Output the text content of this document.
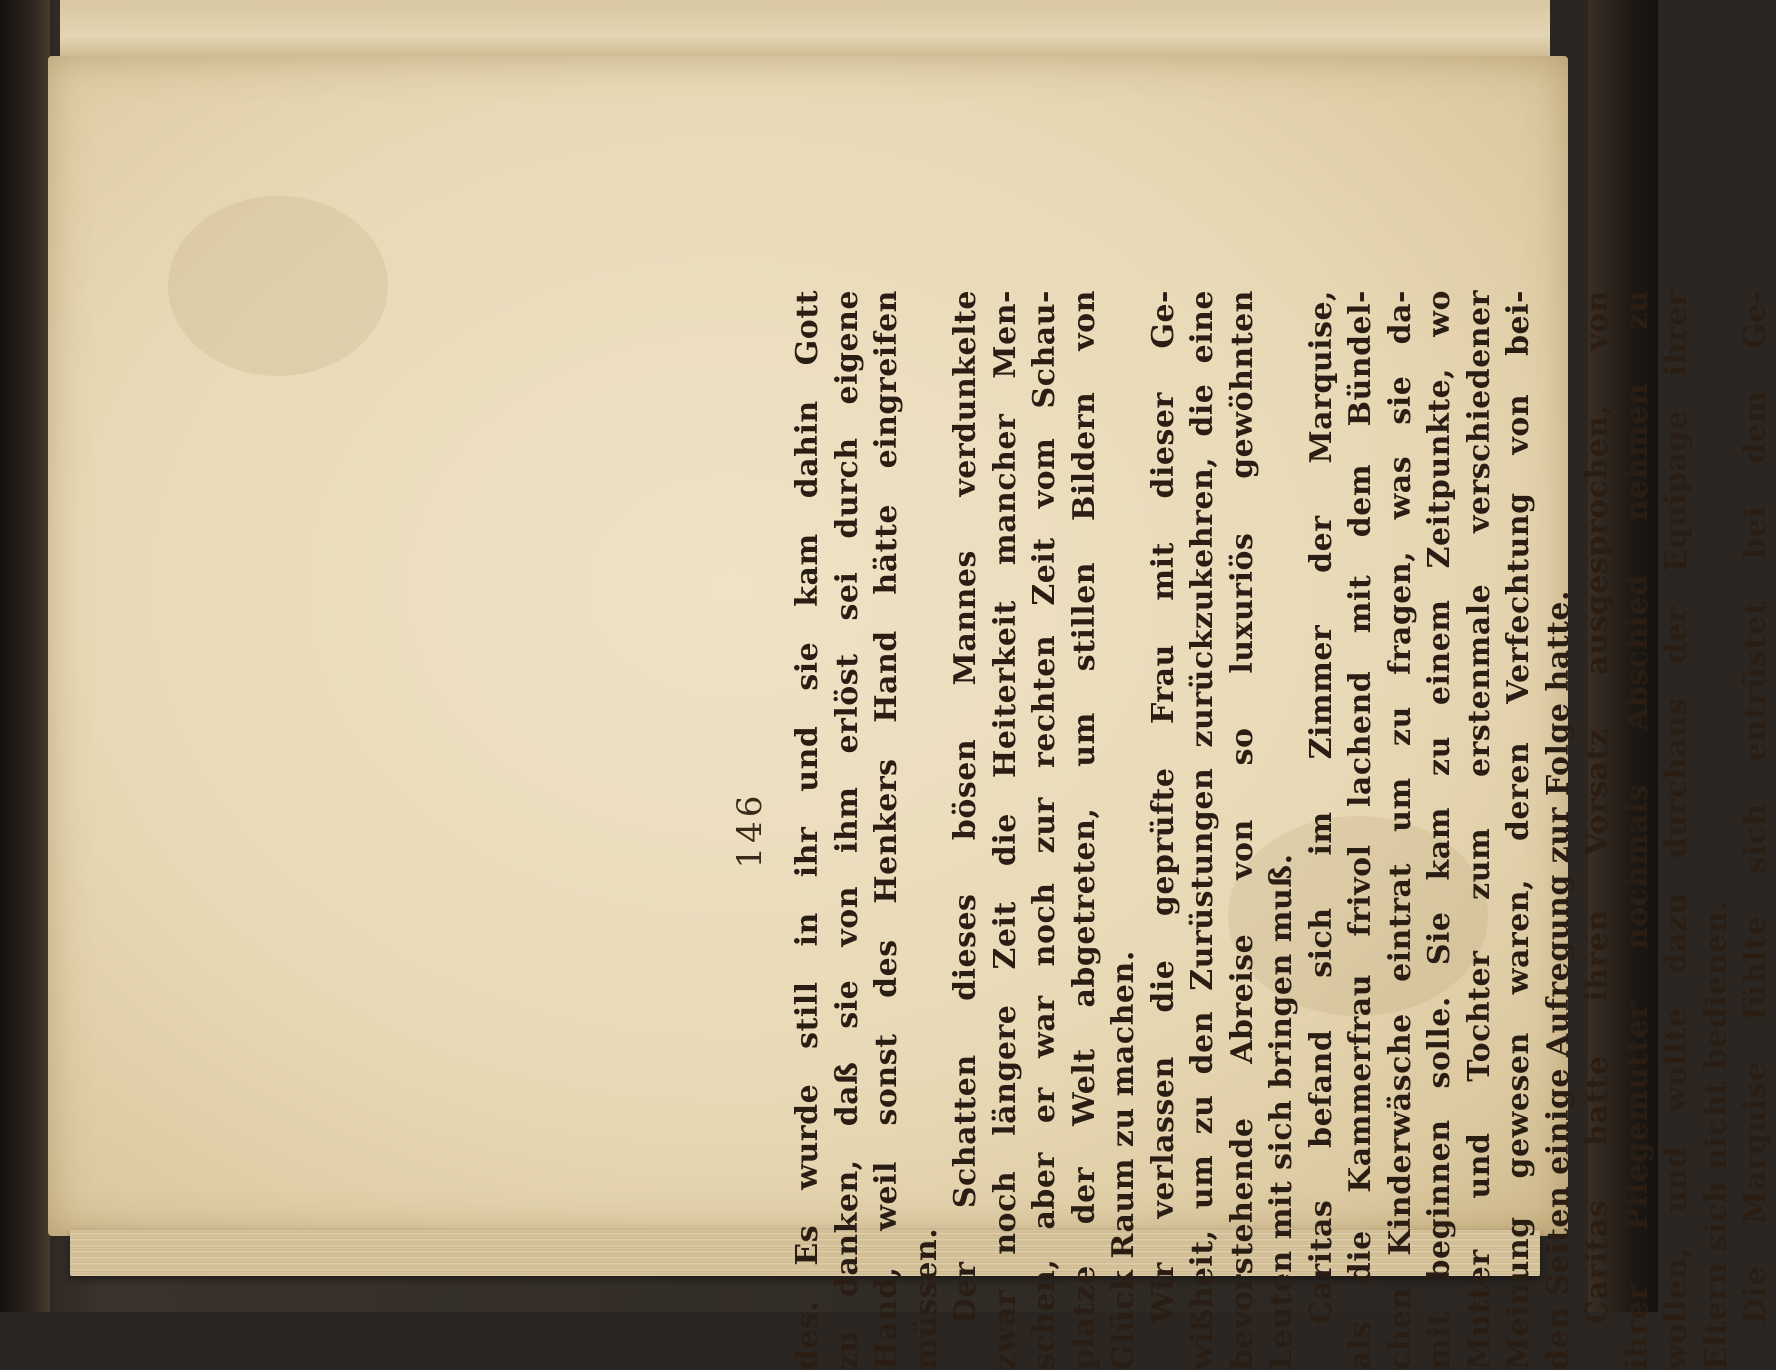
146 des. Es wurde still in ihr und sie kam dahin Gott zu danken, daß sie von ihm erlöst sei durch eigene Hand, weil sonst des Henkers Hand hätte eingreifen müssen. Der Schatten dieses bösen Mannes verdunkelte zwar noch längere Zeit die Heiterkeit mancher Men- schen, aber er war noch zur rechten Zeit vom Schau- platze der Welt abgetreten, um stillen Bildern von Glück Raum zu machen. Wir verlassen die geprüfte Frau mit dieser Ge- wißheit, um zu den Zurüstungen zurückzukehren, die eine bevorstehende Abreise von so luxuriös gewöhnten Leuten mit sich bringen muß. Caritas befand sich im Zimmer der Marquise, als die Kammerfrau frivol lachend mit dem Bündel- chen Kinderwäsche eintrat um zu fragen, was sie da- mit beginnen solle. Sie kam zu einem Zeitpunkte, wo Mutter und Tochter zum erstenmale verschiedener Meinung gewesen waren, deren Verfechtung von bei- den Seiten einige Aufregung zur Folge hatte. Caritas hatte ihren Vorsatz ausgesprochen, von ihrer Pflegemutter nochmals Abschied nehmen zu wollen, und wollte dazu durchaus der Equipage ihrer Eltern sich nicht bedienen. Die Marquise fühlte sich entrüstet bei dem Ge-
